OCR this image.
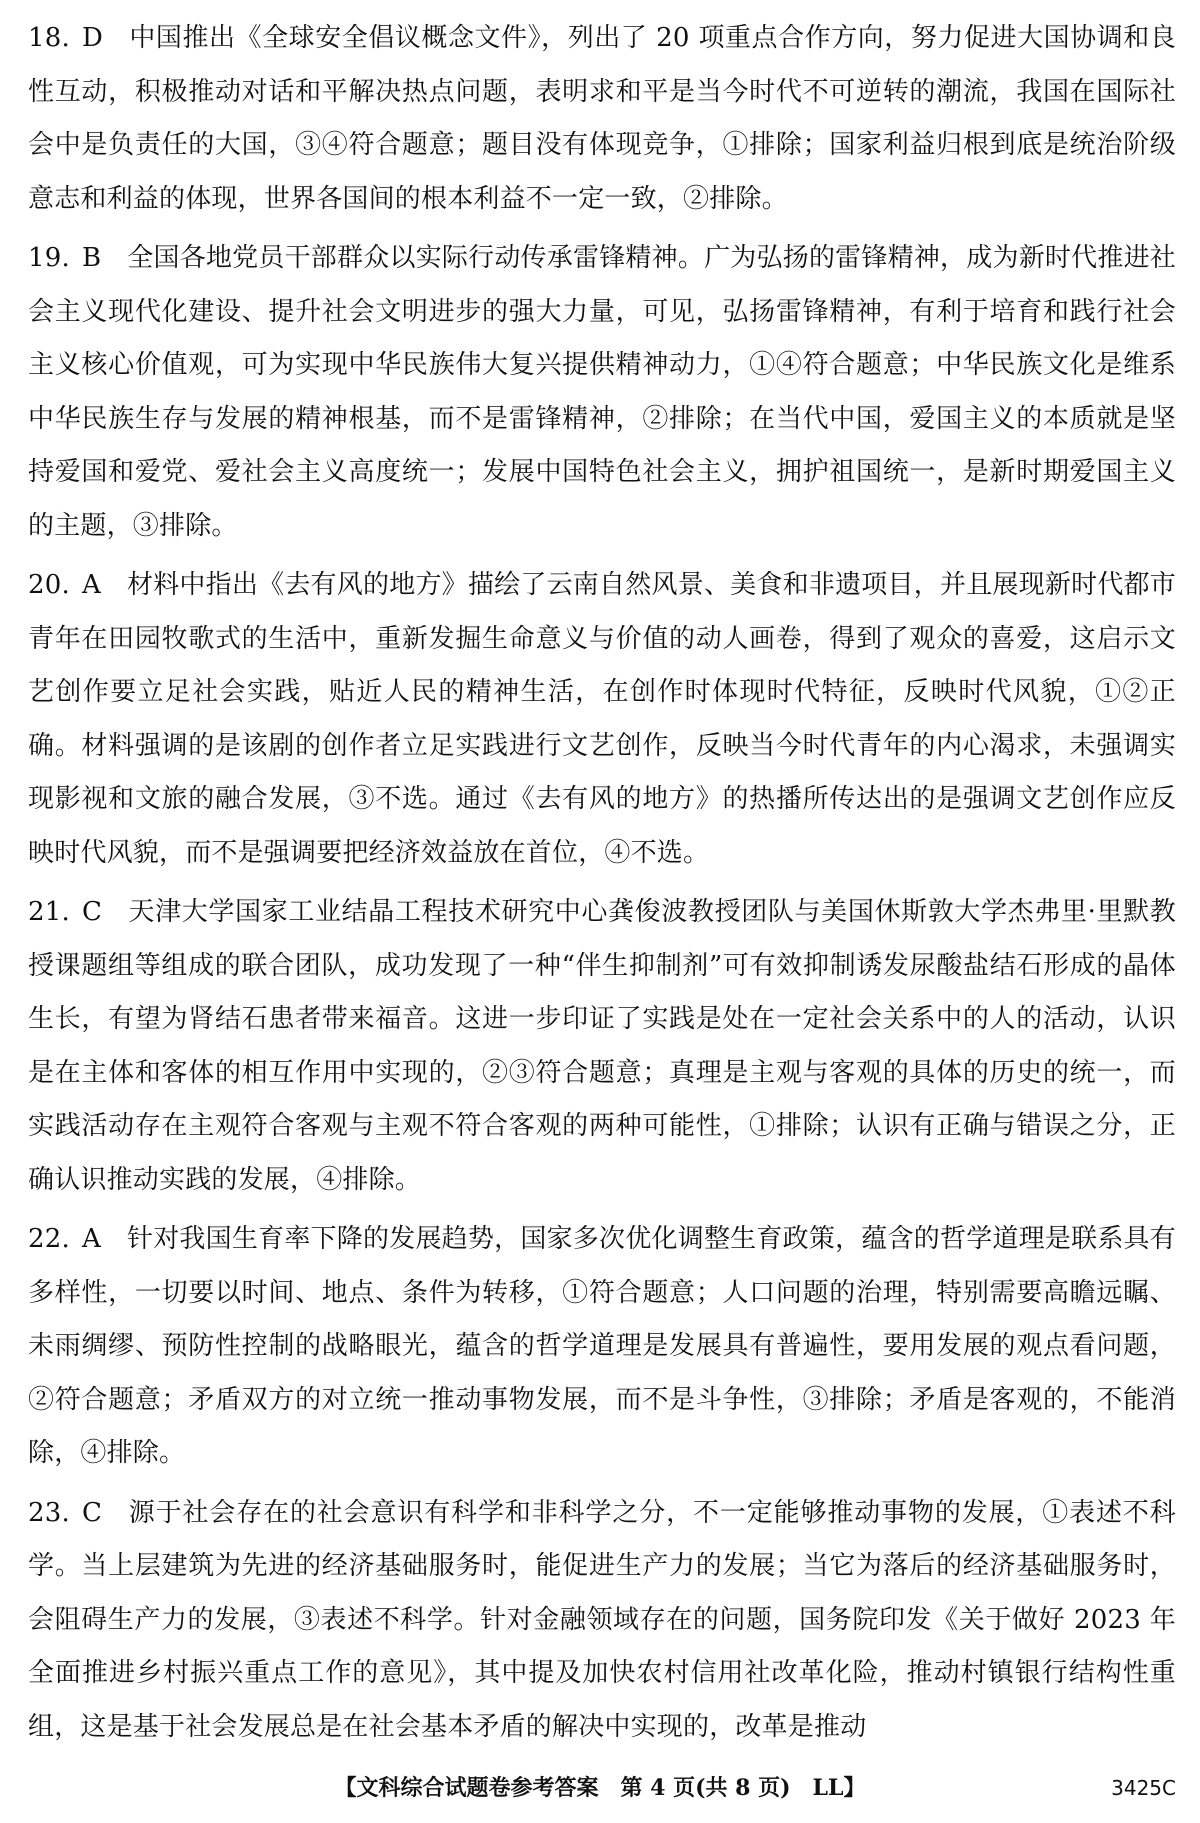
18. D 中国推出《全球安全倡议概念文件》，列出了 20 项重点合作方向，努力促进大国协调和良性互动，积极推动对话和平解决热点问题，表明求和平是当今时代不可逆转的潮流，我国在国际社会中是负责任的大国，③④符合题意；题目没有体现竞争，①排除；国家利益归根到底是统治阶级意志和利益的体现，世界各国间的根本利益不一定一致，②排除。

19. B 全国各地党员干部群众以实际行动传承雷锋精神。广为弘扬的雷锋精神，成为新时代推进社会主义现代化建设、提升社会文明进步的强大力量，可见，弘扬雷锋精神，有利于培育和践行社会主义核心价值观，可为实现中华民族伟大复兴提供精神动力，①④符合题意；中华民族文化是维系中华民族生存与发展的精神根基，而不是雷锋精神，②排除；在当代中国，爱国主义的本质就是坚持爱国和爱党、爱社会主义高度统一；发展中国特色社会主义，拥护祖国统一，是新时期爱国主义的主题，③排除。

20. A 材料中指出《去有风的地方》描绘了云南自然风景、美食和非遗项目，并且展现新时代都市青年在田园牧歌式的生活中，重新发掘生命意义与价值的动人画卷，得到了观众的喜爱，这启示文艺创作要立足社会实践，贴近人民的精神生活，在创作时体现时代特征，反映时代风貌，①②正确。材料强调的是该剧的创作者立足实践进行文艺创作，反映当今时代青年的内心渴求，未强调实现影视和文旅的融合发展，③不选。通过《去有风的地方》的热播所传达出的是强调文艺创作应反映时代风貌，而不是强调要把经济效益放在首位，④不选。

21. C 天津大学国家工业结晶工程技术研究中心龚俊波教授团队与美国休斯敦大学杰弗里·里默教授课题组等组成的联合团队，成功发现了一种“伴生抑制剂”可有效抑制诱发尿酸盐结石形成的晶体生长，有望为肾结石患者带来福音。这进一步印证了实践是处在一定社会关系中的人的活动，认识是在主体和客体的相互作用中实现的，②③符合题意；真理是主观与客观的具体的历史的统一，而实践活动存在主观符合客观与主观不符合客观的两种可能性，①排除；认识有正确与错误之分，正确认识推动实践的发展，④排除。

22. A 针对我国生育率下降的发展趋势，国家多次优化调整生育政策，蕴含的哲学道理是联系具有多样性，一切要以时间、地点、条件为转移，①符合题意；人口问题的治理，特别需要高瞻远瞩、未雨绸缪、预防性控制的战略眼光，蕴含的哲学道理是发展具有普遍性，要用发展的观点看问题，②符合题意；矛盾双方的对立统一推动事物发展，而不是斗争性，③排除；矛盾是客观的，不能消除，④排除。

23. C 源于社会存在的社会意识有科学和非科学之分，不一定能够推动事物的发展，①表述不科学。当上层建筑为先进的经济基础服务时，能促进生产力的发展；当它为落后的经济基础服务时，会阻碍生产力的发展，③表述不科学。针对金融领域存在的问题，国务院印发《关于做好 2023 年全面推进乡村振兴重点工作的意见》，其中提及加快农村信用社改革化险，推动村镇银行结构性重组，这是基于社会发展总是在社会基本矛盾的解决中实现的，改革是推动

【文科综合试题卷参考答案　第 4 页(共 8 页)　LL】	3425C
